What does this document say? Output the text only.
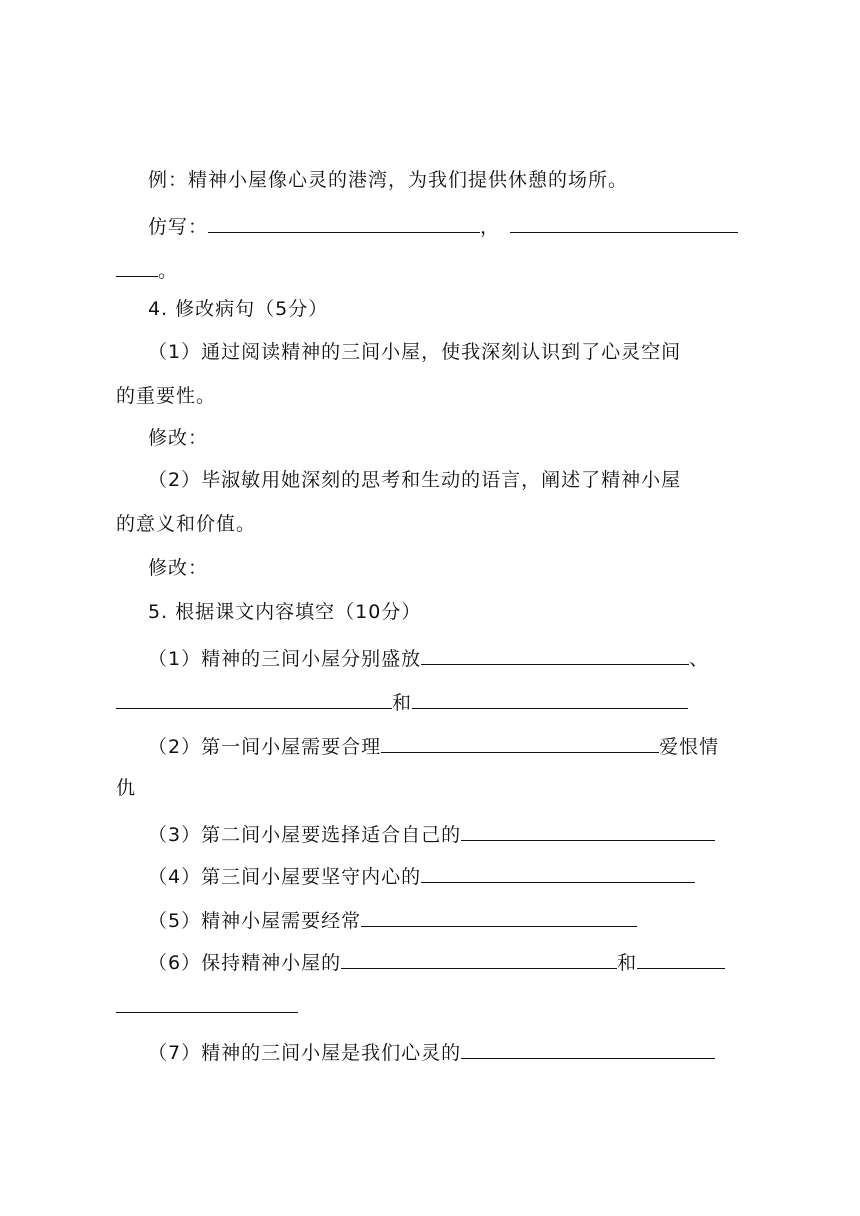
例：精神小屋像心灵的港湾，为我们提供休憩的场所。
仿写：	，
。
4. 修改病句（5分）
（1）通过阅读精神的三间小屋，使我深刻认识到了心灵空间
的重要性。
修改：
（2）毕淑敏用她深刻的思考和生动的语言，阐述了精神小屋
的意义和价值。
修改：
5. 根据课文内容填空（10分）
（1）精神的三间小屋分别盛放	、
和
（2）第一间小屋需要合理	爱恨情
仇
（3）第二间小屋要选择适合自己的
（4）第三间小屋要坚守内心的
（5）精神小屋需要经常
（6）保持精神小屋的	和
（7）精神的三间小屋是我们心灵的
